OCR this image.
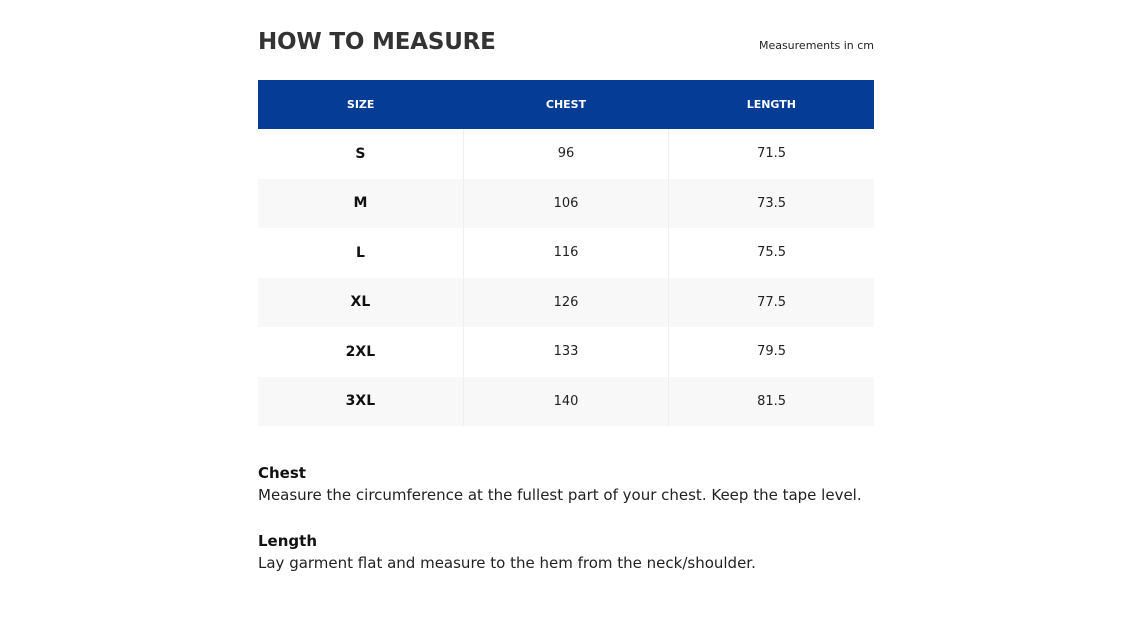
HOW TO MEASURE	Measurements in cm
SIZE	CHEST	LENGTH
S	96	71.5
M	106	73.5
L	116	75.5
XL	126	77.5
2XL	133	79.5
3XL	140	81.5
Chest
Measure the circumference at the fullest part of your chest. Keep the tape level.
Length
Lay garment flat and measure to the hem from the neck/shoulder.
